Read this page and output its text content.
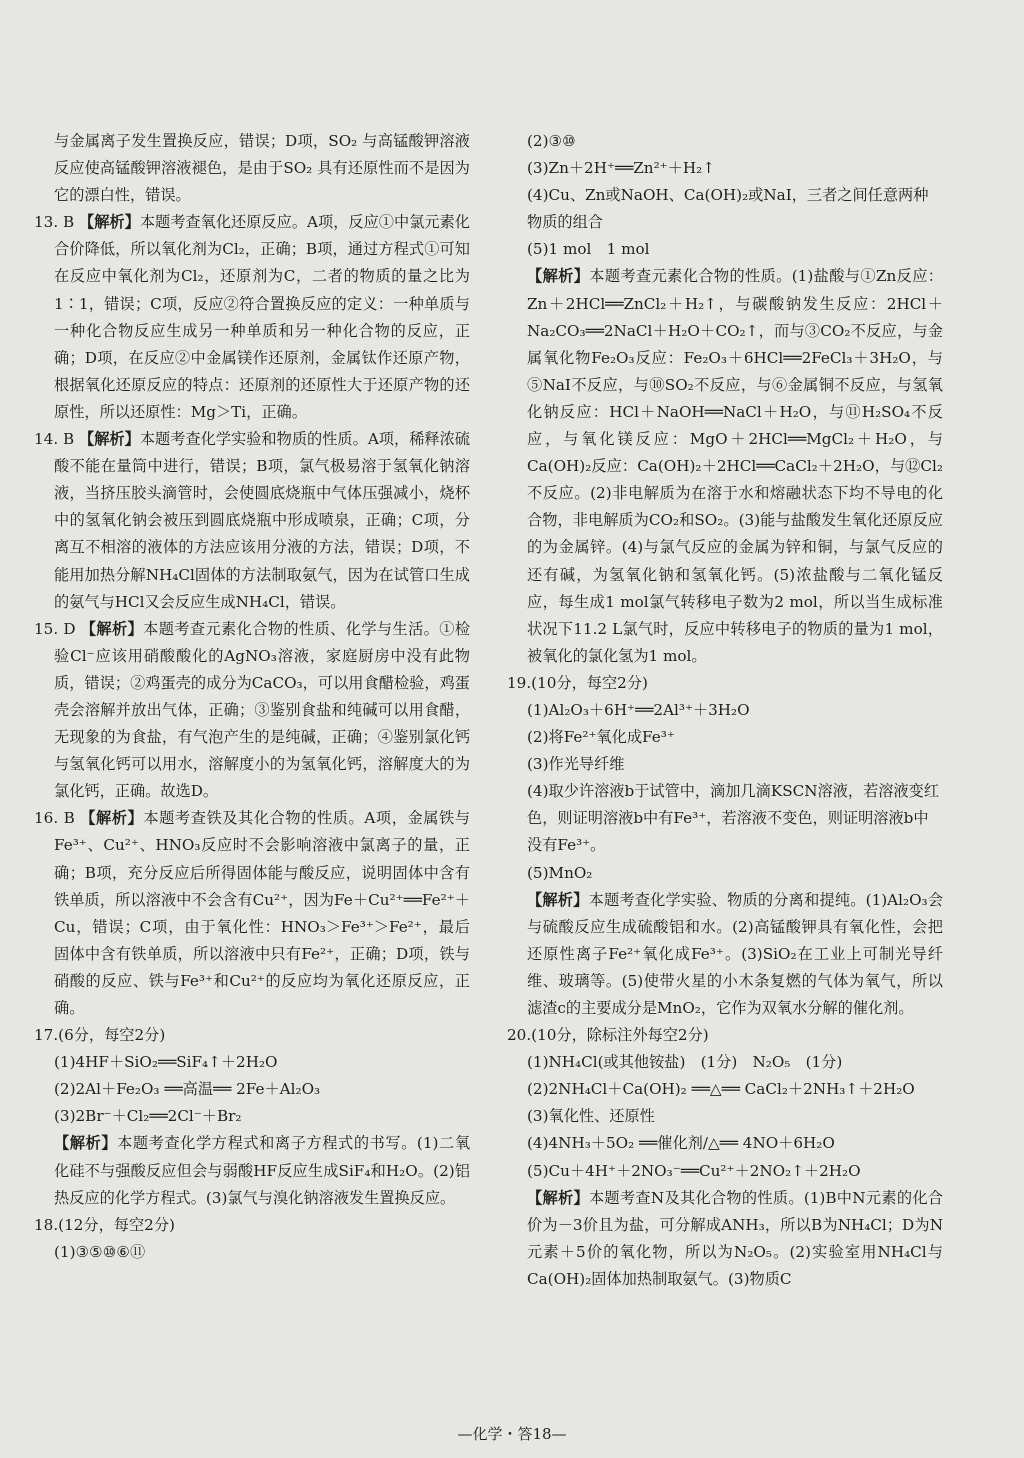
与金属离子发生置换反应，错误；D项，SO₂ 与高锰酸钾溶液反应使高锰酸钾溶液褪色，是由于SO₂ 具有还原性而不是因为它的漂白性，错误。

13. B 【解析】本题考查氧化还原反应。A项，反应①中氯元素化合价降低，所以氧化剂为Cl₂，正确；B项，通过方程式①可知在反应中氧化剂为Cl₂，还原剂为C，二者的物质的量之比为1∶1，错误；C项，反应②符合置换反应的定义：一种单质与一种化合物反应生成另一种单质和另一种化合物的反应，正确；D项，在反应②中金属镁作还原剂，金属钛作还原产物，根据氧化还原反应的特点：还原剂的还原性大于还原产物的还原性，所以还原性：Mg＞Ti，正确。

14. B 【解析】本题考查化学实验和物质的性质。A项，稀释浓硫酸不能在量筒中进行，错误；B项，氯气极易溶于氢氧化钠溶液，当挤压胶头滴管时，会使圆底烧瓶中气体压强减小，烧杯中的氢氧化钠会被压到圆底烧瓶中形成喷泉，正确；C项，分离互不相溶的液体的方法应该用分液的方法，错误；D项，不能用加热分解NH₄Cl固体的方法制取氨气，因为在试管口生成的氨气与HCl又会反应生成NH₄Cl，错误。

15. D 【解析】本题考查元素化合物的性质、化学与生活。①检验Cl⁻应该用硝酸酸化的AgNO₃溶液，家庭厨房中没有此物质，错误；②鸡蛋壳的成分为CaCO₃，可以用食醋检验，鸡蛋壳会溶解并放出气体，正确；③鉴别食盐和纯碱可以用食醋，无现象的为食盐，有气泡产生的是纯碱，正确；④鉴别氯化钙与氢氧化钙可以用水，溶解度小的为氢氧化钙，溶解度大的为氯化钙，正确。故选D。

16. B 【解析】本题考查铁及其化合物的性质。A项，金属铁与Fe³⁺、Cu²⁺、HNO₃反应时不会影响溶液中氯离子的量，正确；B项，充分反应后所得固体能与酸反应，说明固体中含有铁单质，所以溶液中不会含有Cu²⁺，因为Fe＋Cu²⁺══Fe²⁺＋Cu，错误；C项，由于氧化性：HNO₃＞Fe³⁺＞Fe²⁺，最后固体中含有铁单质，所以溶液中只有Fe²⁺，正确；D项，铁与硝酸的反应、铁与Fe³⁺和Cu²⁺的反应均为氧化还原反应，正确。

17.(6分，每空2分)

(1)4HF＋SiO₂══SiF₄↑＋2H₂O

(2)2Al＋Fe₂O₃ ══高温══ 2Fe＋Al₂O₃

(3)2Br⁻＋Cl₂══2Cl⁻＋Br₂

【解析】本题考查化学方程式和离子方程式的书写。(1)二氧化硅不与强酸反应但会与弱酸HF反应生成SiF₄和H₂O。(2)铝热反应的化学方程式。(3)氯气与溴化钠溶液发生置换反应。

18.(12分，每空2分)

(1)③⑤⑩⑥⑪

(2)③⑩

(3)Zn＋2H⁺══Zn²⁺＋H₂↑

(4)Cu、Zn或NaOH、Ca(OH)₂或NaI，三者之间任意两种物质的组合

(5)1 mol　1 mol

【解析】本题考查元素化合物的性质。(1)盐酸与①Zn反应：Zn＋2HCl══ZnCl₂＋H₂↑，与碳酸钠发生反应：2HCl＋Na₂CO₃══2NaCl＋H₂O＋CO₂↑，而与③CO₂不反应，与金属氧化物Fe₂O₃反应：Fe₂O₃＋6HCl══2FeCl₃＋3H₂O，与⑤NaI不反应，与⑩SO₂不反应，与⑥金属铜不反应，与氢氧化钠反应：HCl＋NaOH══NaCl＋H₂O，与⑪H₂SO₄不反应，与氧化镁反应：MgO＋2HCl══MgCl₂＋H₂O，与Ca(OH)₂反应：Ca(OH)₂＋2HCl══CaCl₂＋2H₂O，与⑫Cl₂不反应。(2)非电解质为在溶于水和熔融状态下均不导电的化合物，非电解质为CO₂和SO₂。(3)能与盐酸发生氧化还原反应的为金属锌。(4)与氯气反应的金属为锌和铜，与氯气反应的还有碱，为氢氧化钠和氢氧化钙。(5)浓盐酸与二氧化锰反应，每生成1 mol氯气转移电子数为2 mol，所以当生成标准状况下11.2 L氯气时，反应中转移电子的物质的量为1 mol，被氧化的氯化氢为1 mol。

19.(10分，每空2分)

(1)Al₂O₃＋6H⁺══2Al³⁺＋3H₂O

(2)将Fe²⁺氧化成Fe³⁺

(3)作光导纤维

(4)取少许溶液b于试管中，滴加几滴KSCN溶液，若溶液变红色，则证明溶液b中有Fe³⁺，若溶液不变色，则证明溶液b中没有Fe³⁺。

(5)MnO₂

【解析】本题考查化学实验、物质的分离和提纯。(1)Al₂O₃会与硫酸反应生成硫酸铝和水。(2)高锰酸钾具有氧化性，会把还原性离子Fe²⁺氧化成Fe³⁺。(3)SiO₂在工业上可制光导纤维、玻璃等。(5)使带火星的小木条复燃的气体为氧气，所以滤渣c的主要成分是MnO₂，它作为双氧水分解的催化剂。

20.(10分，除标注外每空2分)

(1)NH₄Cl(或其他铵盐)　(1分)　N₂O₅　(1分)

(2)2NH₄Cl＋Ca(OH)₂ ══△══ CaCl₂＋2NH₃↑＋2H₂O

(3)氧化性、还原性

(4)4NH₃＋5O₂ ══催化剂/△══ 4NO＋6H₂O

(5)Cu＋4H⁺＋2NO₃⁻══Cu²⁺＋2NO₂↑＋2H₂O

【解析】本题考查N及其化合物的性质。(1)B中N元素的化合价为－3价且为盐，可分解成ANH₃，所以B为NH₄Cl；D为N元素＋5价的氧化物，所以为N₂O₅。(2)实验室用NH₄Cl与Ca(OH)₂固体加热制取氨气。(3)物质C

—化学・答18—
